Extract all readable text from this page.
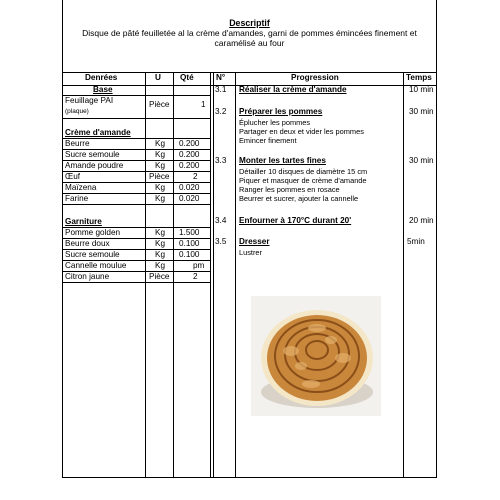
Descriptif
Disque de pâté feuilletée al la crème d'amandes, garni de pommes émincées finement et
caramélisé au four
Denrées	U Qté	N°	Progression	Temps
Base
Feuillage PAI
(plaque)
Pièce	1
Crème d'amande
Beurre	Kg 0.200
Sucre semoule	Kg 0.200
Amande poudre	Kg 0.200
Œuf	Pièce	2
Maïzena	Kg 0.020
Farine	Kg 0.020
Garniture
Pomme golden	Kg 1.500
Beurre doux	Kg 0.100
Sucre semoule	Kg 0.100
Cannelle moulue	Kg	pm
Citron jaune	Pièce	2
3.1 Réaliser la crème d'amande	10 min
3.2 Préparer les pommes	30 min
Éplucher les pommes
Partager en deux et vider les pommes
Emincer finement
3.3 Monter les tartes fines	30 min
Détailler 10 disques de diamètre 15 cm
Piquer et masquer de crème d'amande
Ranger les pommes en rosace
Beurrer et sucrer, ajouter la cannelle
3.4 Enfourner à 170°C durant 20'	20 min
3.5 Dresser	5min
Lustrer
